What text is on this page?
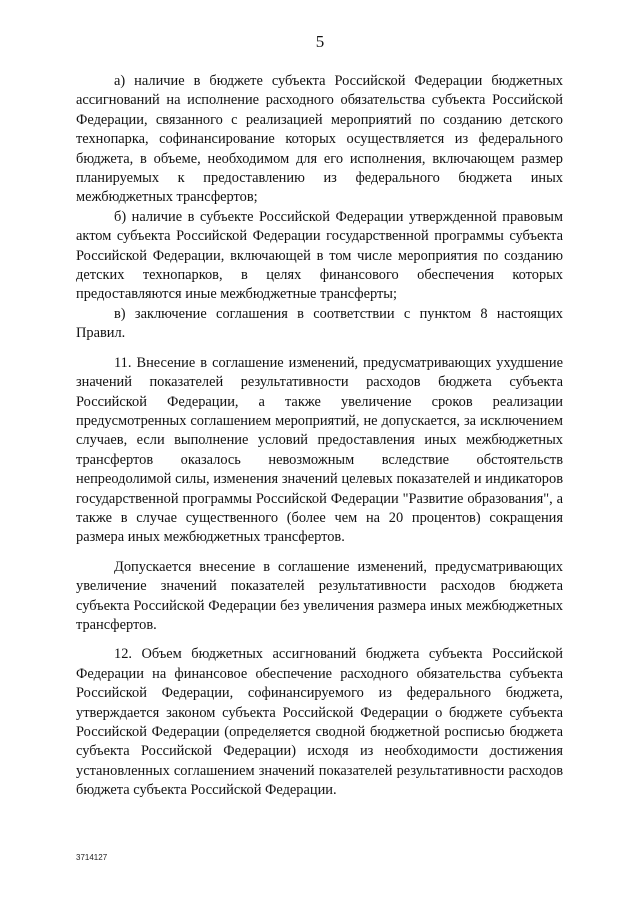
5

а) наличие в бюджете субъекта Российской Федерации бюджетных ассигнований на исполнение расходного обязательства субъекта Российской Федерации, связанного с реализацией мероприятий по созданию детского технопарка, софинансирование которых осуществляется из федерального бюджета, в объеме, необходимом для его исполнения, включающем размер планируемых к предоставлению из федерального бюджета иных межбюджетных трансфертов;

б) наличие в субъекте Российской Федерации утвержденной правовым актом субъекта Российской Федерации государственной программы субъекта Российской Федерации, включающей в том числе мероприятия по созданию детских технопарков, в целях финансового обеспечения которых предоставляются иные межбюджетные трансферты;

в) заключение соглашения в соответствии с пунктом 8 настоящих Правил.

11. Внесение в соглашение изменений, предусматривающих ухудшение значений показателей результативности расходов бюджета субъекта Российской Федерации, а также увеличение сроков реализации предусмотренных соглашением мероприятий, не допускается, за исключением случаев, если выполнение условий предоставления иных межбюджетных трансфертов оказалось невозможным вследствие обстоятельств непреодолимой силы, изменения значений целевых показателей и индикаторов государственной программы Российской Федерации "Развитие образования", а также в случае существенного (более чем на 20 процентов) сокращения размера иных межбюджетных трансфертов.

Допускается внесение в соглашение изменений, предусматривающих увеличение значений показателей результативности расходов бюджета субъекта Российской Федерации без увеличения размера иных межбюджетных трансфертов.

12. Объем бюджетных ассигнований бюджета субъекта Российской Федерации на финансовое обеспечение расходного обязательства субъекта Российской Федерации, софинансируемого из федерального бюджета, утверждается законом субъекта Российской Федерации о бюджете субъекта Российской Федерации (определяется сводной бюджетной росписью бюджета субъекта Российской Федерации) исходя из необходимости достижения установленных соглашением значений показателей результативности расходов бюджета субъекта Российской Федерации.

3714127
